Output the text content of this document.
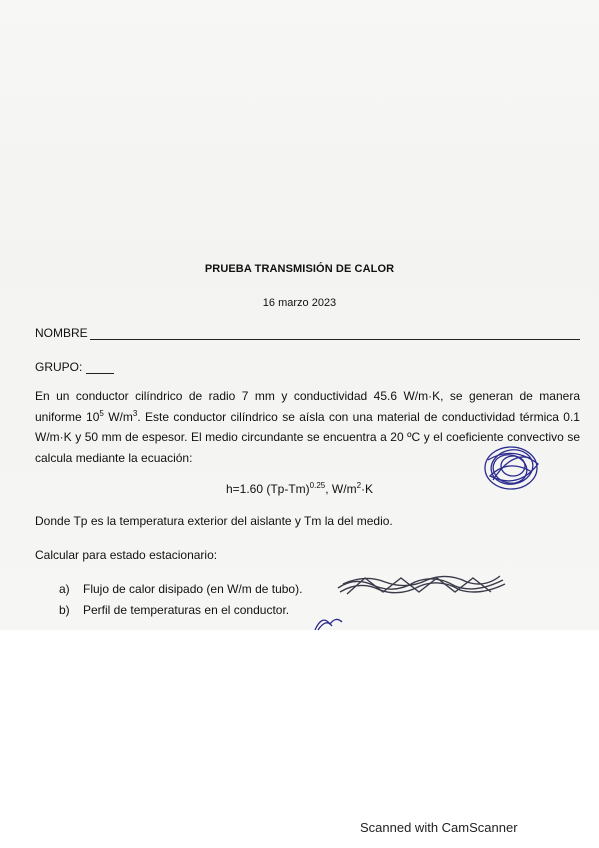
PRUEBA TRANSMISIÓN DE CALOR
16 marzo 2023
NOMBRE
GRUPO:
En un conductor cilíndrico de radio 7 mm y conductividad 45.6 W/m·K, se generan de manera uniforme $10^5$ $W/m^3$. Este conductor cilíndrico se aísla con una material de conductividad térmica 0.1 W/m·K y 50 mm de espesor. El medio circundante se encuentra a 20 ºC y el coeficiente convectivo se calcula mediante la ecuación:
h=1.60 $(Tp-Tm)^{0.25}$, $W/m^2\cdot K$
Donde Tp es la temperatura exterior del aislante y Tm la del medio.
Calcular para estado estacionario:
a)	Flujo de calor disipado (en W/m de tubo).
b)	Perfil de temperaturas en el conductor.
Scanned with CamScanner
